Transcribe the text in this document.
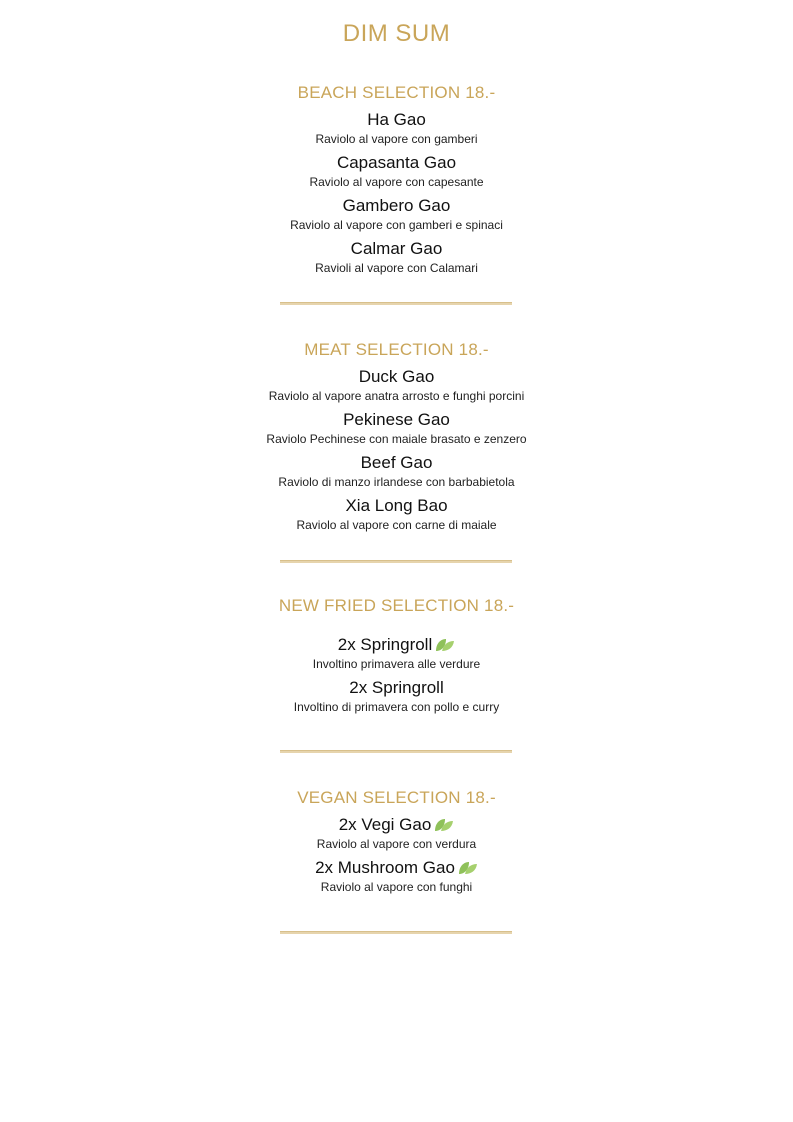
DIM SUM
BEACH SELECTION 18.-
Ha Gao
Raviolo al vapore con gamberi
Capasanta Gao
Raviolo al vapore con capesante
Gambero Gao
Raviolo al vapore con gamberi e spinaci
Calmar Gao
Ravioli al vapore con Calamari
MEAT SELECTION 18.-
Duck Gao
Raviolo al vapore anatra arrosto e funghi porcini
Pekinese Gao
Raviolo Pechinese con maiale brasato e zenzero
Beef Gao
Raviolo di manzo irlandese con barbabietola
Xia Long Bao
Raviolo al vapore con carne di maiale
NEW FRIED SELECTION 18.-
2x Springroll
Involtino primavera alle verdure
2x Springroll
Involtino di primavera con pollo e curry
VEGAN SELECTION 18.-
2x Vegi Gao
Raviolo al vapore con verdura
2x Mushroom Gao
Raviolo al vapore con funghi
